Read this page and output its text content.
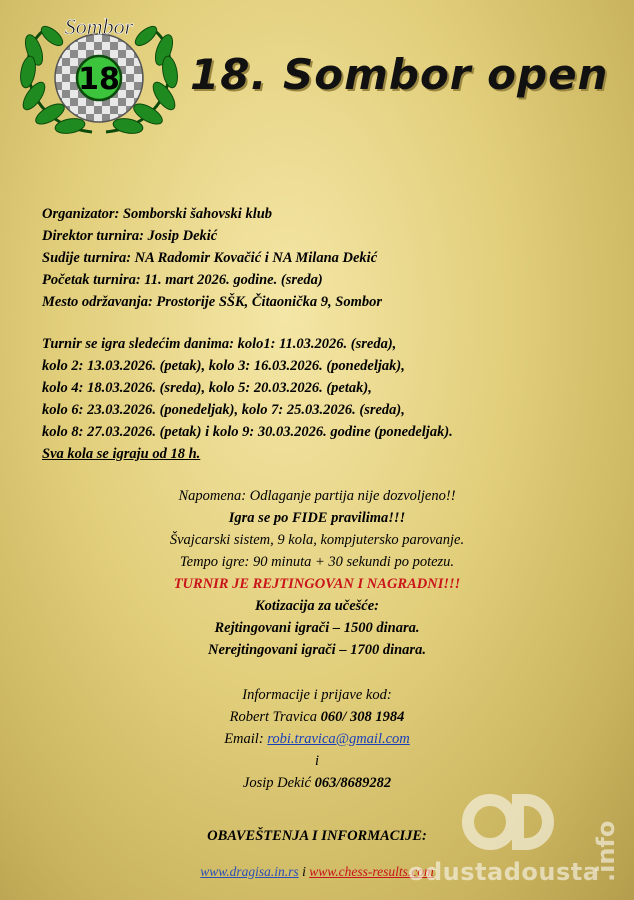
18
Sombor
18. Sombor open
Organizator: Somborski šahovski klub
Direktor turnira: Josip Dekić
Sudije turnira: NA Radomir Kovačić i NA Milana Dekić
Početak turnira: 11. mart 2026. godine. (sreda)
Mesto održavanja: Prostorije SŠK, Čitaonička 9, Sombor
Turnir se igra sledećim danima: kolo1: 11.03.2026. (sreda),
kolo 2: 13.03.2026. (petak), kolo 3: 16.03.2026. (ponedeljak),
kolo 4: 18.03.2026. (sreda), kolo 5: 20.03.2026. (petak),
kolo 6: 23.03.2026. (ponedeljak), kolo 7: 25.03.2026. (sreda),
kolo 8: 27.03.2026. (petak) i kolo 9: 30.03.2026. godine (ponedeljak).
Sva kola se igraju od 18 h.
Napomena: Odlaganje partija nije dozvoljeno!!
Igra se po FIDE pravilima!!!
Švajcarski sistem, 9 kola, kompjutersko parovanje.
Tempo igre: 90 minuta + 30 sekundi po potezu.
TURNIR JE REJTINGOVAN I NAGRADNI!!!
Kotizacija za učešće:
Rejtingovani igrači – 1500 dinara.
Nerejtingovani igrači – 1700 dinara.
Informacije i prijave kod:
Robert Travica 060/ 308 1984
Email: robi.travica@gmail.com
i
Josip Dekić 063/8689282
OBAVEŠTENJA I INFORMACIJE:
www.dragisa.in.rs i www.chess-results.com
odustadousta
.info
